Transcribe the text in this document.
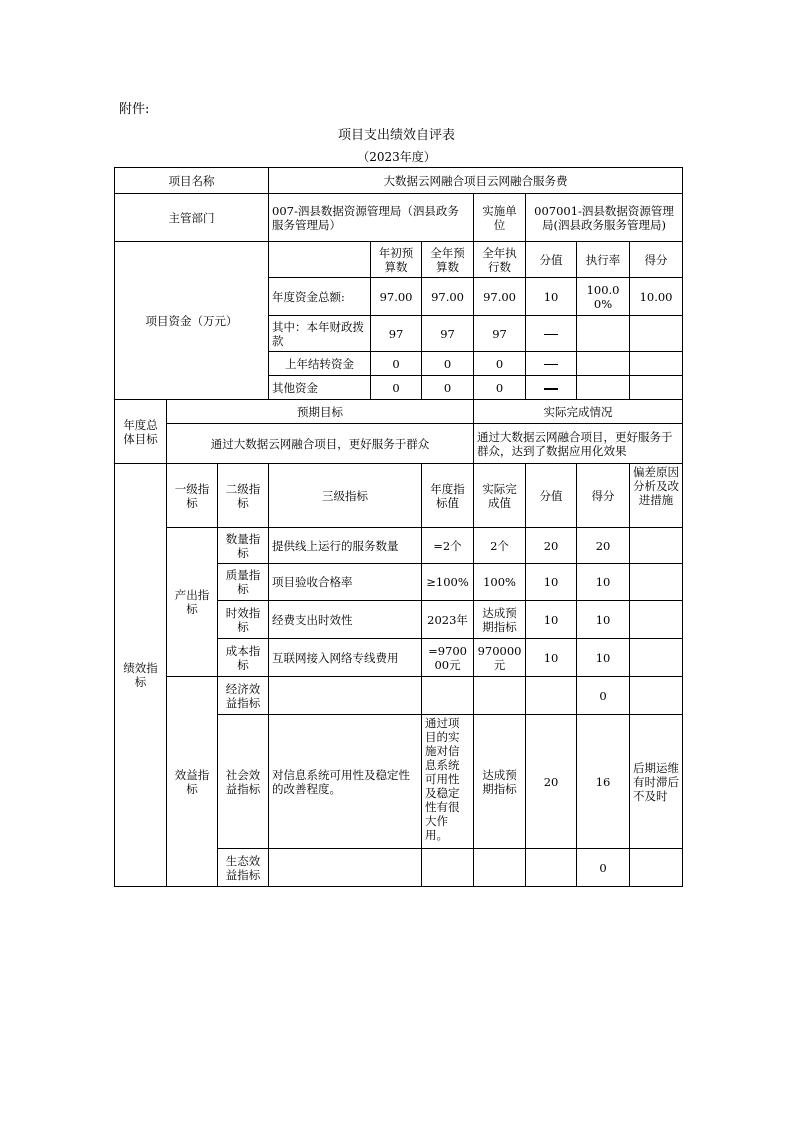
附件:
项目支出绩效自评表
（2023年度）
项目名称			大数据云网融合项目云网融合服务费						
主管部门			007-泗县数据资源管理局（泗县政务服务管理局）			实施单位	007001-泗县数据资源管理局(泗县政务服务管理局)		
项目资金（万元）				年初预算数	全年预算数	全年执行数	分值	执行率	得分
			年度资金总额:	97.00	97.00	97.00	10	100.00%	10.00
			其中：本年财政拨款	97	97	97			
			上年结转资金	0	0	0			
			其他资金	0	0	0			
年度总体目标	预期目标					实际完成情况			
	通过大数据云网融合项目，更好服务于群众					通过大数据云网融合项目，更好服务于群众，达到了数据应用化效果			
绩效指标	一级指标	二级指标	三级指标		年度指标值	实际完成值	分值	得分	偏差原因分析及改进措施
	产出指标	数量指标	提供线上运行的服务数量		=2个	2个	20	20	
		质量指标	项目验收合格率		≥100%	100%	10	10	
		时效指标	经费支出时效性		2023年	达成预期指标	10	10	
		成本指标	互联网接入网络专线费用		=970000元	970000元	10	10	
	效益指标	经济效益指标						0	
		社会效益指标	对信息系统可用性及稳定性的改善程度。		通过项目的实施对信息系统可用性及稳定性有很大作用。	达成预期指标	20	16	后期运维有时滞后不及时
		生态效益指标						0	
